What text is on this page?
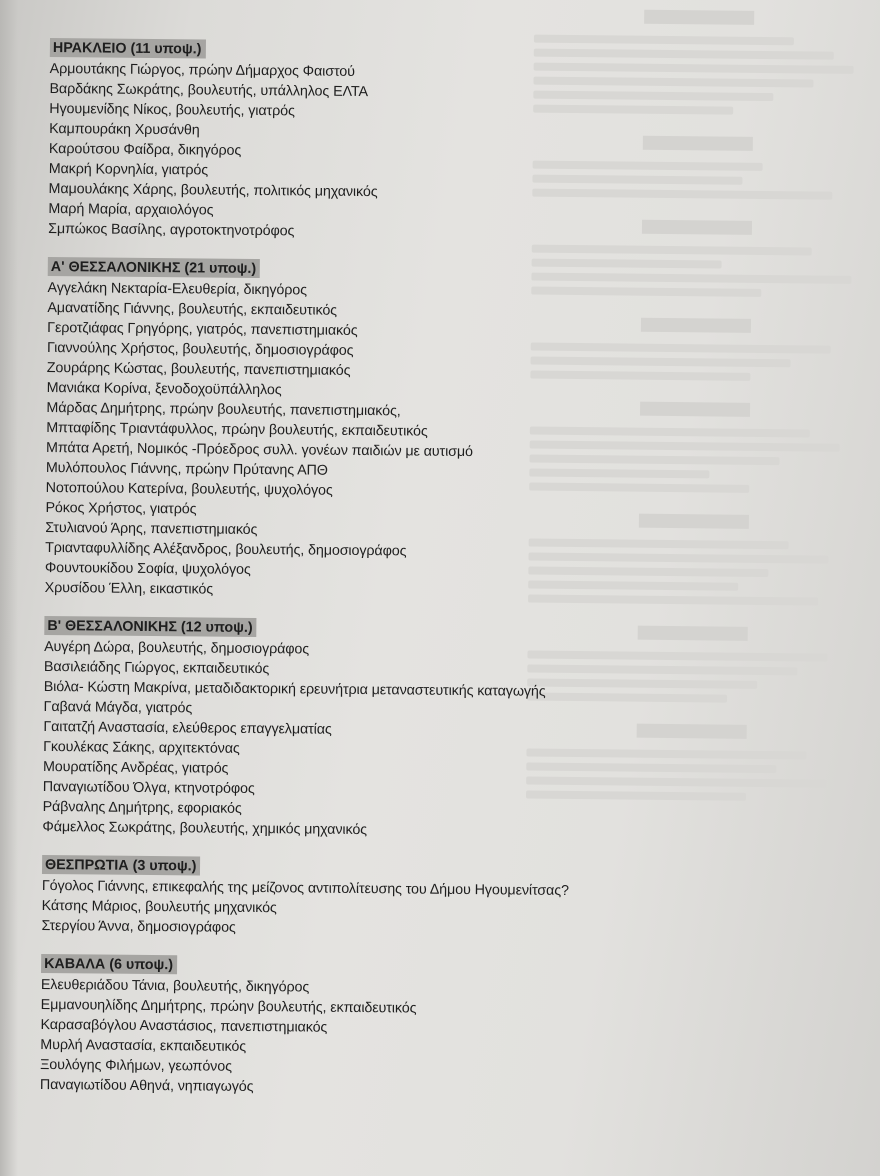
ΗΡΑΚΛΕΙΟ (11 υποψ.)
Αρμουτάκης Γιώργος, πρώην Δήμαρχος Φαιστού
Βαρδάκης Σωκράτης, βουλευτής, υπάλληλος ΕΛΤΑ
Ηγουμενίδης Νίκος, βουλευτής, γιατρός
Καμπουράκη Χρυσάνθη
Καρούτσου Φαίδρα, δικηγόρος
Μακρή Κορνηλία, γιατρός
Μαμουλάκης Χάρης, βουλευτής, πολιτικός μηχανικός
Μαρή Μαρία, αρχαιολόγος
Σμπώκος Βασίλης, αγροτοκτηνοτρόφος
Α' ΘΕΣΣΑΛΟΝΙΚΗΣ (21 υποψ.)
Αγγελάκη Νεκταρία-Ελευθερία, δικηγόρος
Αμανατίδης Γιάννης, βουλευτής, εκπαιδευτικός
Γεροτζιάφας Γρηγόρης, γιατρός, πανεπιστημιακός
Γιαννούλης Χρήστος, βουλευτής, δημοσιογράφος
Ζουράρης Κώστας, βουλευτής, πανεπιστημιακός
Μανιάκα Κορίνα, ξενοδοχοϋπάλληλος
Μάρδας Δημήτρης, πρώην βουλευτής, πανεπιστημιακός,
Μπταφίδης Τριαντάφυλλος, πρώην βουλευτής, εκπαιδευτικός
Μπάτα Αρετή, Νομικός -Πρόεδρος συλλ. γονέων παιδιών με αυτισμό
Μυλόπουλος Γιάννης, πρώην Πρύτανης ΑΠΘ
Νοτοπούλου Κατερίνα, βουλευτής, ψυχολόγος
Ρόκος Χρήστος, γιατρός
Στυλιανού Άρης, πανεπιστημιακός
Τριανταφυλλίδης Αλέξανδρος, βουλευτής, δημοσιογράφος
Φουντουκίδου Σοφία, ψυχολόγος
Χρυσίδου Έλλη, εικαστικός
Β' ΘΕΣΣΑΛΟΝΙΚΗΣ (12 υποψ.)
Αυγέρη Δώρα, βουλευτής, δημοσιογράφος
Βασιλειάδης Γιώργος, εκπαιδευτικός
Βιόλα- Κώστη Μακρίνα, μεταδιδακτορική ερευνήτρια μεταναστευτικής καταγωγής
Γαβανά Μάγδα, γιατρός
Γαιτατζή Αναστασία, ελεύθερος επαγγελματίας
Γκουλέκας Σάκης, αρχιτεκτόνας
Μουρατίδης Ανδρέας, γιατρός
Παναγιωτίδου Όλγα, κτηνοτρόφος
Ράβναλης Δημήτρης, εφοριακός
Φάμελλος Σωκράτης, βουλευτής, χημικός μηχανικός
ΘΕΣΠΡΩΤΙΑ (3 υποψ.)
Γόγολος Γιάννης, επικεφαλής της μείζονος αντιπολίτευσης του Δήμου Ηγουμενίτσας?
Κάτσης Μάριος, βουλευτής μηχανικός
Στεργίου Άννα, δημοσιογράφος
ΚΑΒΑΛΑ (6 υποψ.)
Ελευθεριάδου Τάνια, βουλευτής, δικηγόρος
Εμμανουηλίδης Δημήτρης, πρώην βουλευτής, εκπαιδευτικός
Καρασαβόγλου Αναστάσιος, πανεπιστημιακός
Μυρλή Αναστασία, εκπαιδευτικός
Ξουλόγης Φιλήμων, γεωπόνος
Παναγιωτίδου Αθηνά, νηπιαγωγός
